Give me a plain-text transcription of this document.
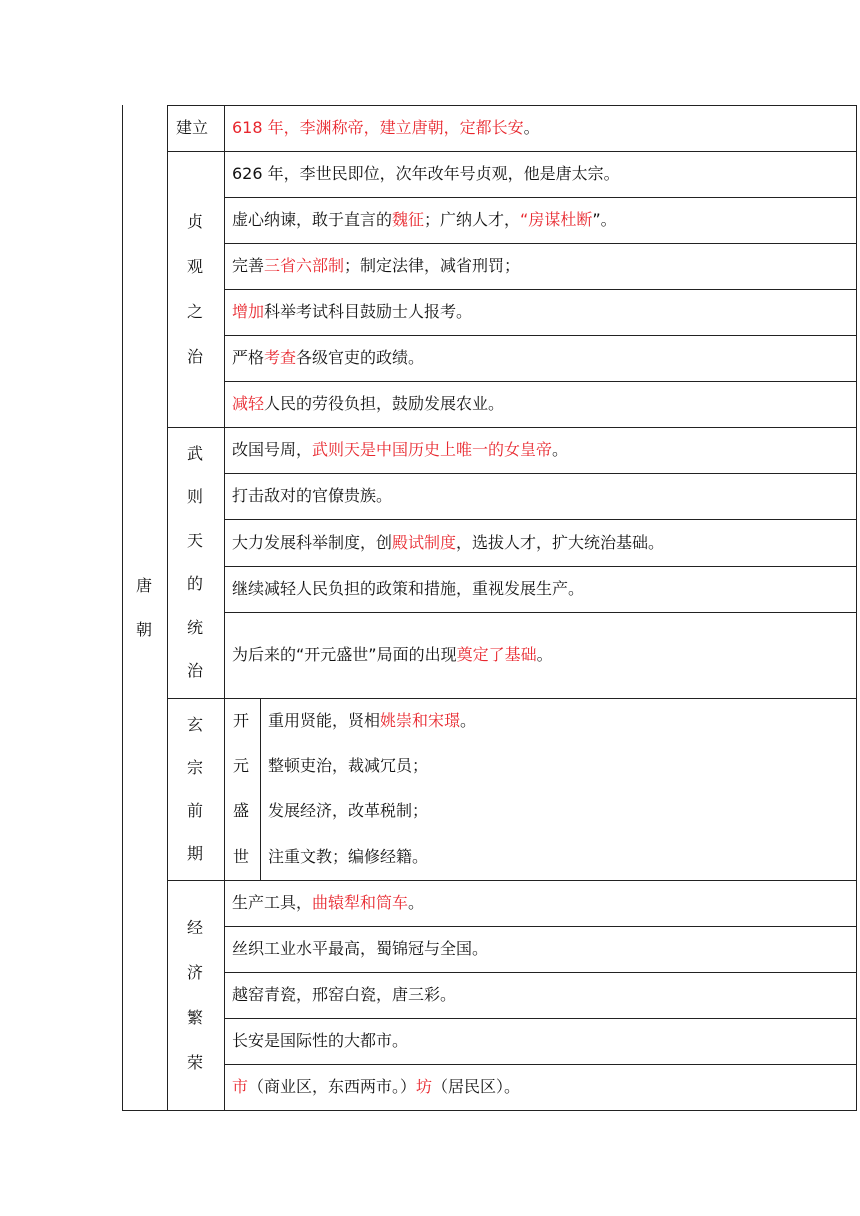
唐
朝
建立 618 年，李渊称帝，建立唐朝，定都长安。
贞
观
之
治
626 年，李世民即位，次年改年号贞观，他是唐太宗。
虚心纳谏，敢于直言的魏征；广纳人才，“房谋杜断”。
完善三省六部制；制定法律，减省刑罚；
增加科举考试科目鼓励士人报考。
严格考查各级官吏的政绩。
减轻人民的劳役负担，鼓励发展农业。
武
则
天
的
统
治
改国号周，武则天是中国历史上唯一的女皇帝。
打击敌对的官僚贵族。
大力发展科举制度，创殿试制度，选拔人才，扩大统治基础。
继续减轻人民负担的政策和措施，重视发展生产。
为后来的“开元盛世”局面的出现奠定了基础。
玄
宗
前
期
开
元
盛
世
重用贤能，贤相姚崇和宋璟。
整顿吏治，裁减冗员；
发展经济，改革税制；
注重文教；编修经籍。
经
济
繁
荣
生产工具，曲辕犁和筒车。
丝织工业水平最高，蜀锦冠与全国。
越窑青瓷，邢窑白瓷，唐三彩。
长安是国际性的大都市。
市（商业区，东西两市。）坊（居民区）。
